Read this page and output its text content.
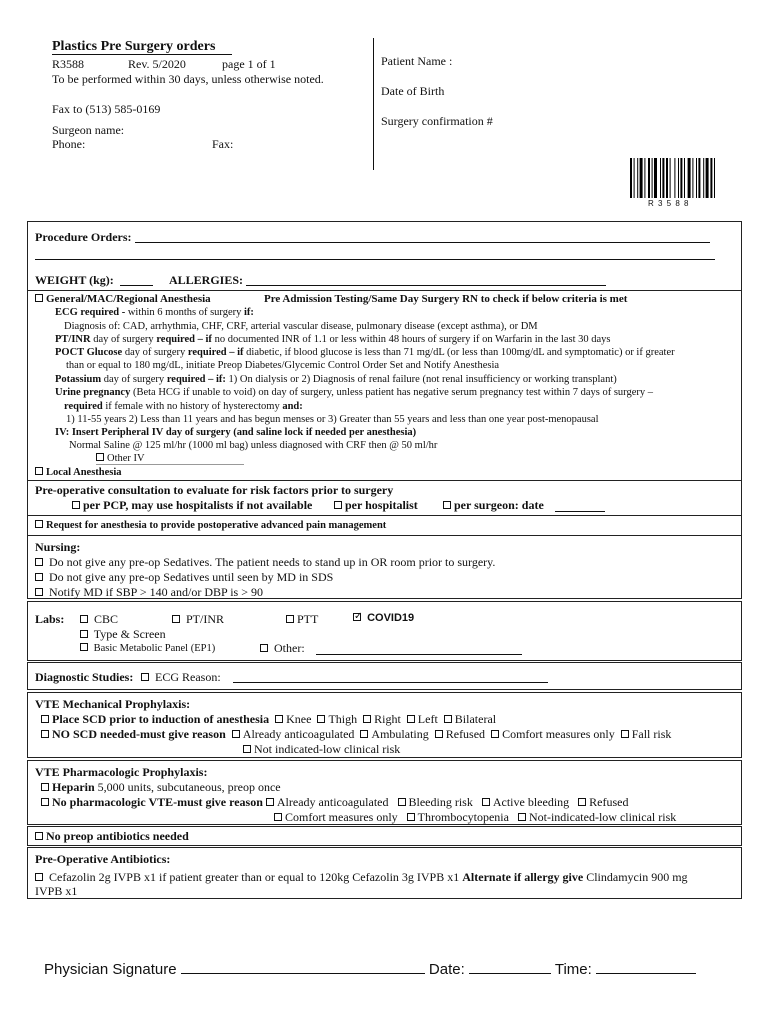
Plastics Pre Surgery orders
R3588	Rev. 5/2020	page 1 of 1
To be performed within 30 days, unless otherwise noted.
Fax to (513) 585-0169
Surgeon name:
Phone:	Fax:
Patient Name :
Date of Birth
Surgery confirmation #
R 3 5 8 8
Procedure Orders:
WEIGHT (kg):	ALLERGIES:
General/MAC/Regional Anesthesia	Pre Admission Testing/Same Day Surgery RN to check if below criteria is met
ECG required - within 6 months of surgery if:
Diagnosis of: CAD, arrhythmia, CHF, CRF, arterial vascular disease, pulmonary disease (except asthma), or DM
PT/INR day of surgery required – if no documented INR of 1.1 or less within 48 hours of surgery if on Warfarin in the last 30 days
POCT Glucose day of surgery required – if diabetic, if blood glucose is less than 71 mg/dL (or less than 100mg/dL and symptomatic) or if greater
than or equal to 180 mg/dL, initiate Preop Diabetes/Glycemic Control Order Set and Notify Anesthesia
Potassium day of surgery required – if: 1) On dialysis or 2) Diagnosis of renal failure (not renal insufficiency or working transplant)
Urine pregnancy (Beta HCG if unable to void) on day of surgery, unless patient has negative serum pregnancy test within 7 days of surgery –
required if female with no history of hysterectomy and:
1) 11-55 years 2) Less than 11 years and has begun menses or 3) Greater than 55 years and less than one year post-menopausal
IV: Insert Peripheral IV day of surgery (and saline lock if needed per anesthesia)
Normal Saline @ 125 ml/hr (1000 ml bag) unless diagnosed with CRF then @ 50 ml/hr
Other IV
Local Anesthesia
Pre-operative consultation to evaluate for risk factors prior to surgery
per PCP, may use hospitalists if not available	per hospitalist	per surgeon: date
Request for anesthesia to provide postoperative advanced pain management
Nursing:
Do not give any pre-op Sedatives. The patient needs to stand up in OR room prior to surgery.
Do not give any pre-op Sedatives until seen by MD in SDS
Notify MD if SBP > 140 and/or DBP is > 90
Labs:	CBC	PT/INR	PTT
✓	COVID19
Type & Screen
Basic Metabolic Panel (EP1)	Other:
Diagnostic Studies:	ECG Reason:
VTE Mechanical Prophylaxis:
Place SCD prior to induction of anesthesia Knee Thigh Right Left Bilateral
NO SCD needed-must give reason Already anticoagulated Ambulating Refused Comfort measures only Fall risk
Not indicated-low clinical risk
VTE Pharmacologic Prophylaxis:
Heparin 5,000 units, subcutaneous, preop once
No pharmacologic VTE-must give reason Already anticoagulated Bleeding risk Active bleeding Refused
Comfort measures only Thrombocytopenia Not-indicated-low clinical risk
No preop antibiotics needed
Pre-Operative Antibiotics:
Cefazolin 2g IVPB x1 if patient greater than or equal to 120kg Cefazolin 3g IVPB x1 Alternate if allergy give Clindamycin 900 mg
IVPB x1
Physician Signature	Date:	Time:
